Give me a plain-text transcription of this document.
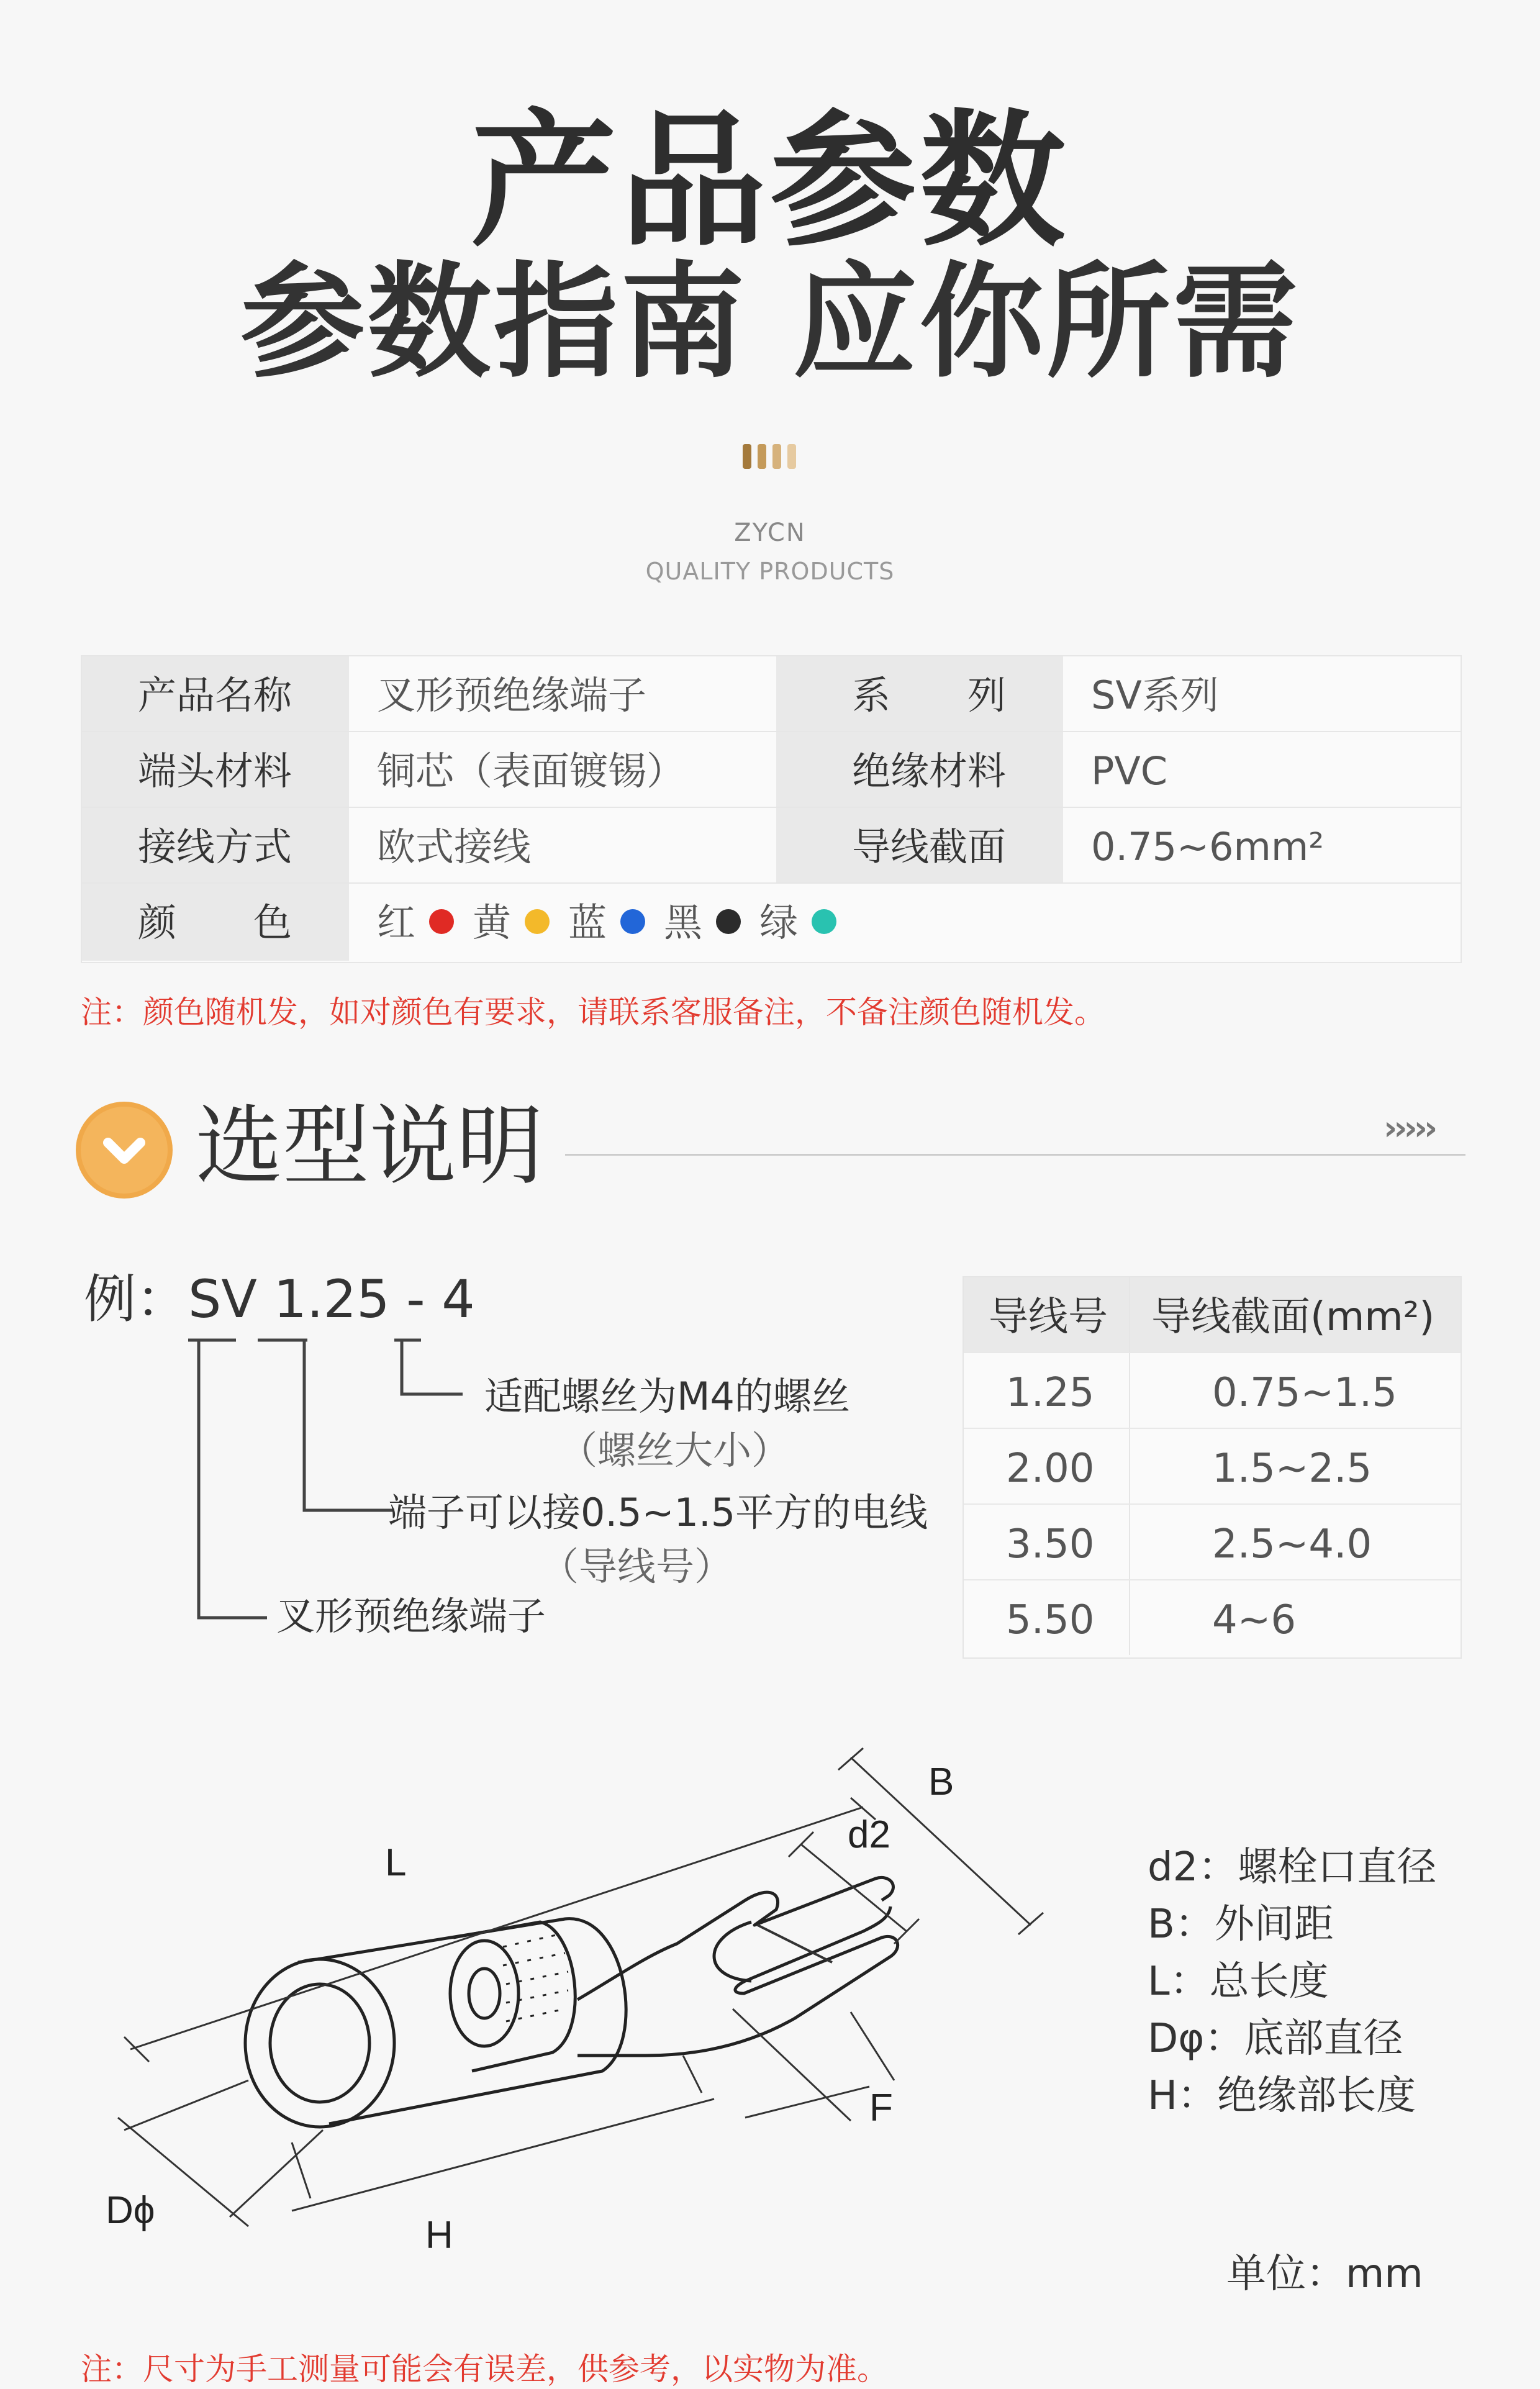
产品参数
参数指南 应你所需
ZYCN
QUALITY PRODUCTS
产品名称 叉形预绝缘端子	系　　列 SV系列
端头材料 铜芯（表面镀锡）	绝缘材料 PVC
接线方式 欧式接线	导线截面 0.75~6mm²
颜　　色 红 黄 蓝 黑 绿
注：颜色随机发，如对颜色有要求，请联系客服备注，不备注颜色随机发。
选型说明	›››››
例：SV 1.25 - 4
适配螺丝为M4的螺丝
（螺丝大小）
端子可以接0.5~1.5平方的电线
（导线号）
叉形预绝缘端子
导线号 导线截面(mm²)
1.25	0.75~1.5
2.00	1.5~2.5
3.50	2.5~4.0
5.50	4~6
L
B
d2
F
H
Dϕ
d2：螺栓口直径
B：外间距
L：总长度
Dφ：底部直径
H：绝缘部长度
单位：mm
注：尺寸为手工测量可能会有误差，供参考，以实物为准。
